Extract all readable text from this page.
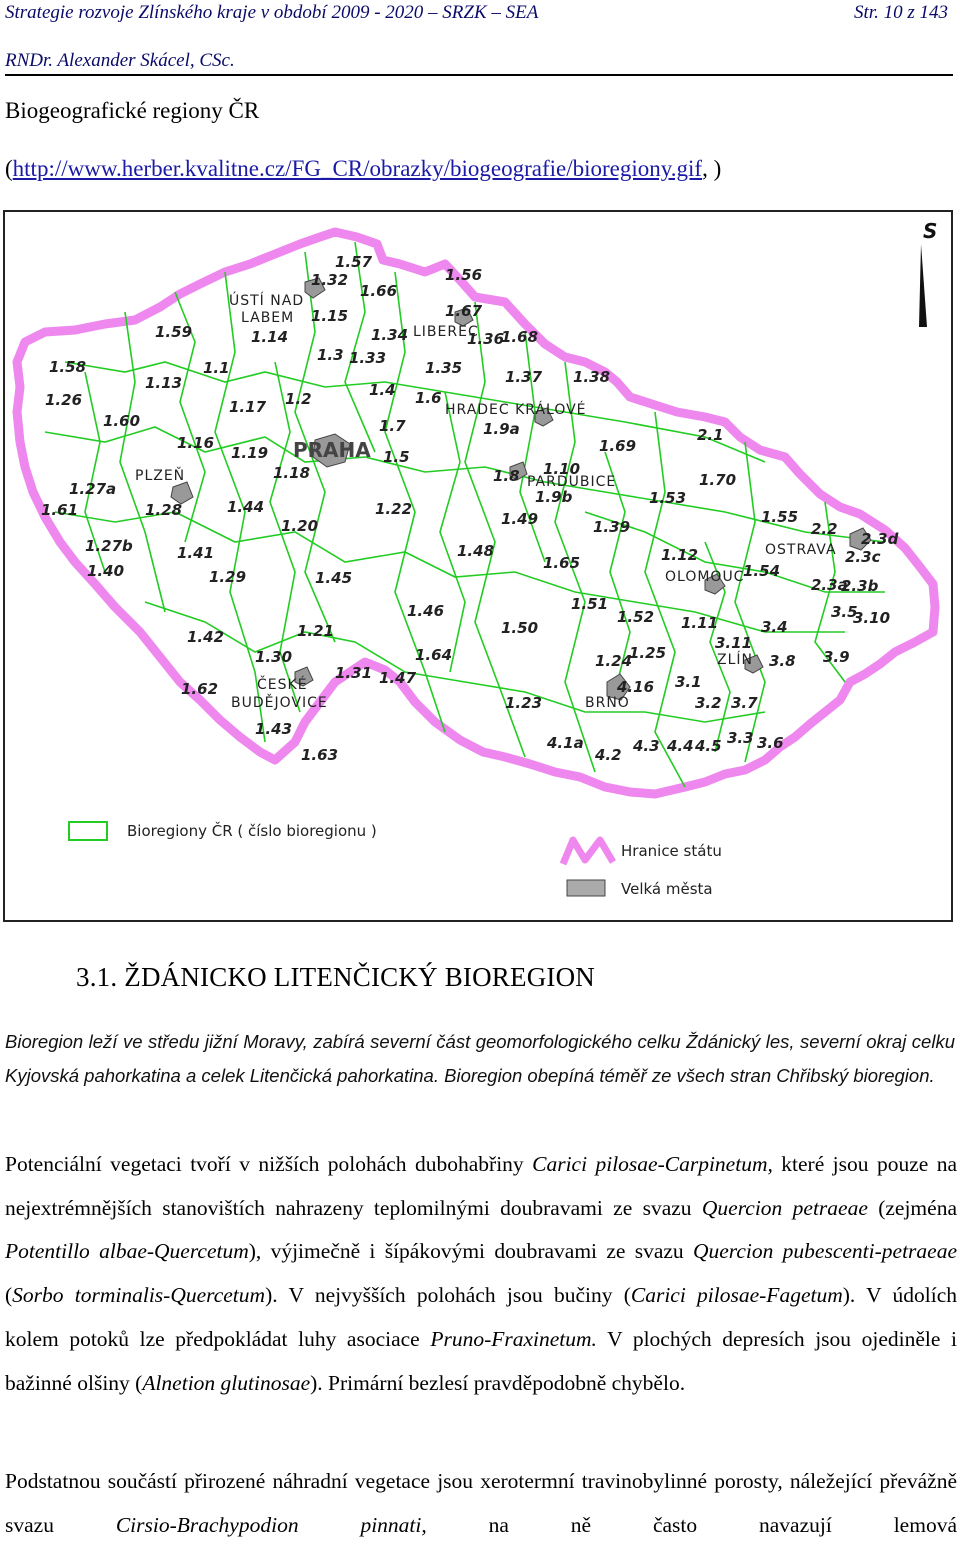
Strategie rozvoje Zlínského kraje v období 2009 - 2020 – SRZK – SEA	Str. 10 z 143
RNDr. Alexander Skácel, CSc.
Biogeografické regiony ČR
(http://www.herber.kvalitne.cz/FG_CR/obrazky/biogeografie/bioregiony.gif, )
S
ÚSTÍ NAD
LABEM
LIBEREC
HRADEC KRÁLOVÉ
PRAHA
PLZEŇ	PARDUBICE
OLOMOUC
OSTRAVA
ZLÍN
BRNO
ČESKÉ
BUDĚJOVICE
1.57
1.32	1.56
1.66
1.67
1.15
1.59	1.14	1.34	1.36
1.68
1.58	1.1
1.3 1.33
1.13
1.35	1.37 1.38
1.26
1.4 1.6
1.17 1.2
1.60	1.7	1.9a
1.16
1.19
2.1
1.69
1.5
1.10
1.18	1.8	1.70
1.27a	1.9b	1.53
1.61	1.28	1.44	1.22	1.55
1.49	1.39
1.20	2.2
1.27b	1.48
1.41
1.40
1.12
1.65
1.29	1.45	1.54
2.3a
1.51
1.46
1.50
3.5
3.10
1.52 1.11
1.42	1.21	3.4
1.64	1.25
1.30	3.8 3.9
1.31
1.24
1.47
1.62	3.1
4.16
3.7
3.2
1.23
1.43	3.3 3.6
4.1a	4.3 4.4 4.5
1.63	4.2
2.3b
3.11
2.3d
2.3c
Bioregiony ČR ( číslo bioregionu )
Hranice státu
Velká města
3.1. ŽDÁNICKO LITENČICKÝ BIOREGION
Bioregion leží ve středu jižní Moravy, zabírá severní část geomorfologického celku Ždánický les, severní okraj celku Kyjovská pahorkatina a celek Litenčická pahorkatina. Bioregion obepíná téměř ze všech stran Chřibský bioregion.
Potenciální vegetaci tvoří v nižších polohách dubohabřiny Carici pilosae-Carpinetum, které jsou pouze na nejextrémnějších stanovištích nahrazeny teplomilnými doubravami ze svazu Quercion petraeae (zejména Potentillo albae-Quercetum), výjimečně i šípákovými doubravami ze svazu Quercion pubescenti-petraeae (Sorbo torminalis-Quercetum). V nejvyšších polohách jsou bučiny (Carici pilosae-Fagetum). V údolích kolem potoků lze předpokládat luhy asociace Pruno-Fraxinetum. V plochých depresích jsou ojediněle i bažinné olšiny (Alnetion glutinosae). Primární bezlesí pravděpodobně chybělo.
Podstatnou součástí přirozené náhradní vegetace jsou xerotermní travinobylinné porosty, náležející převážně svazu Cirsio-Brachypodion pinnati, na ně často navazují lemová
